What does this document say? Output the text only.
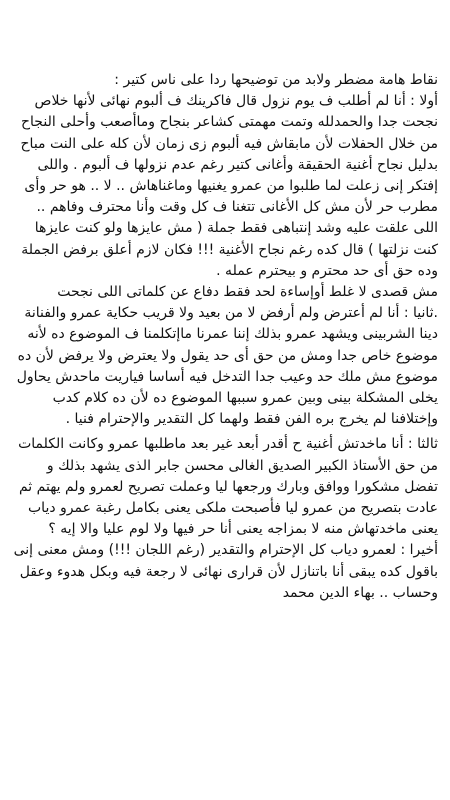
نقاط هامة مضطر ولابد من توضيحها ردا على ناس كتير :

أولا : أنا لم أطلب ف يوم نزول قال فاكرينك ف ألبوم نهائى لأنها خلاص نجحت جدا والحمدلله وتمت مهمتى كشاعر بنجاح وماأصعب وأحلى النجاح من خلال الحفلات لأن مابقاش فيه ألبوم زى زمان لأن كله على النت مباح بدليل نجاح أغنية الحقيقة وأغانى كتير رغم عدم نزولها ف ألبوم . واللى إفتكر إنى زعلت لما طلبوا من عمرو يغنيها وماغناهاش .. لا .. هو حر وأى مطرب حر لأن مش كل الأغانى تتغنا ف كل وقت وأنا محترف وفاهم .. اللى علقت عليه وشد إنتباهى فقط جملة ( مش عايزها ولو كنت عايزها كنت نزلتها ) قال كده رغم نجاح الأغنية !!! فكان لازم أعلق برفض الجملة وده حق أى حد محترم و بيحترم عمله .

مش قصدى لا غلط أوإساءة لحد فقط دفاع عن كلماتى اللى نجحت

.ثانيا : أنا لم أعترض ولم أرفض لا من بعيد ولا قريب حكاية عمرو والفنانة دينا الشربينى ويشهد عمرو بذلك إننا عمرنا ماإتكلمنا ف الموضوع ده لأنه موضوع خاص جدا ومش من حق أى حد يقول ولا يعترض ولا يرفض لأن ده موضوع مش ملك حد وعيب جدا التدخل فيه أساسا فياريت ماحدش يحاول يخلى المشكلة بينى وبين عمرو سببها الموضوع ده لأن ده كلام كدب وإختلافنا لم يخرج بره الفن فقط ولهما كل التقدير والإحترام فنيا .

ثالثا : أنا ماخدتش أغنية ح أقدر أبعد غير بعد ماطلبها عمرو وكانت الكلمات من حق الأستاذ الكبير الصديق الغالى محسن جابر الذى يشهد بذلك و تفضل مشكورا ووافق وبارك ورجعها ليا وعملت تصريح لعمرو ولم يهتم ثم عادت بتصريح من عمرو ليا فأصبحت ملكى يعنى بكامل رغبة عمرو دياب يعنى ماخدتهاش منه لا بمزاجه يعنى أنا حر فيها ولا لوم عليا والا إيه ؟

أخيرا : لعمرو دياب كل الإحترام والتقدير (رغم اللجان !!!) ومش معنى إنى باقول كده يبقى أنا باتنازل لأن قرارى نهائى لا رجعة فيه وبكل هدوء وعقل وحساب .. بهاء الدين محمد
